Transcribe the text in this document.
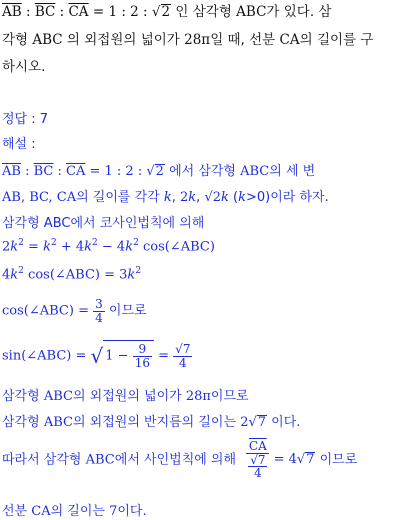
$\overline{AB}$ : $\overline{BC}$ : $\overline{CA} = 1$ : 2 : √2 인 삼각형 ABC가 있다. 삼
각형 ABC 의 외접원의 넓이가 28π일 때, 선분 CA의 길이를 구
하시오.
정답 : 7
해설 :
$\overline{AB}$ : $\overline{BC}$ : $\overline{CA} = 1$ : 2 : √2 에서 삼각형 ABC의 세 변
AB, BC, CA의 길이를 각각 k, 2k, √2k (k>0)이라 하자.
삼각형 ABC에서 코사인법칙에 의해
$2k^2 = k^2 + 4k^2 - 4k^2$ cos(∠ABC)
$4k^2$ cos(∠ABC) = $3k^2$
cos(∠ABC) = $\frac{3}{4}$ 이므로
sin(∠ABC) = √ $1 - \frac{9}{16} = \frac{√7}{4}$
삼각형 ABC의 외접원의 넓이가 28π이므로
삼각형 ABC의 외접원의 반지름의 길이는 2√7 이다.
따라서 삼각형 ABC에서 사인법칙에 의해 $\frac{\overline{CA}}{\frac{√7}{4}} = 4√7$ 이므로
선분 CA의 길이는 7이다.
